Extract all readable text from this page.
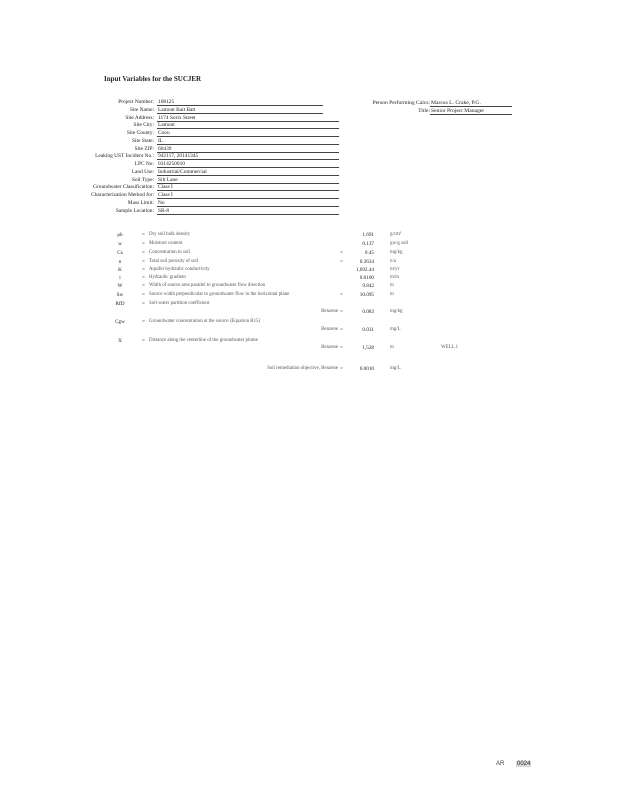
Input Variables for the SUCJER
Project Number: 108125
Site Name: Lamont Bait Batt
Site Address: 1174 Sorix Street
Site City: Lamont
Site County: Coou
Site State: IL
Site ZIP: 60439
Leaking UST Incident No.: 942117, 20141345
LPC No: 0314250010
Land Use: Industrial/Commercial
Soil Type: Silt Lane
Groundwater Classification: Class I
Characterization Method for: Class I
Mass Limit: No
Sample Location: SB-8
Person Performing Calcs: Marcus L. Crake, P.G.
Title: Senior Project Manager
ρb	= Dry soil bulk density	1.691	g/cm³
w	= Moisture content	0.137	gw/g soil
Cs	= Concentration in soil	=	0.45	mg/kg
n	= Total soil porosity of soil	=	0.3634	n/a
K	= Aquifer hydraulic conductivity	1,692.44	m/yr
i	= Hydraulic gradient	0.0100	m/m
W	= Width of source area parallel to groundwater flow direction	9.842	m
Sw	= Source width perpendicular to groundwater flow in the horizontal plane	=	10.095	m
RfD	= Soil-water partition coefficient
Benzene =	0.083	mg/kg
Cgw	= Groundwater concentration at the source (Equation R15)
Benzene =	0.031	mg/L
X	= Distance along the centerline of the groundwater plume
Benzene =	1,528	m	WELL 1
Soil remediation objective, Benzene =	0.0010	mg/L
AR 0024
